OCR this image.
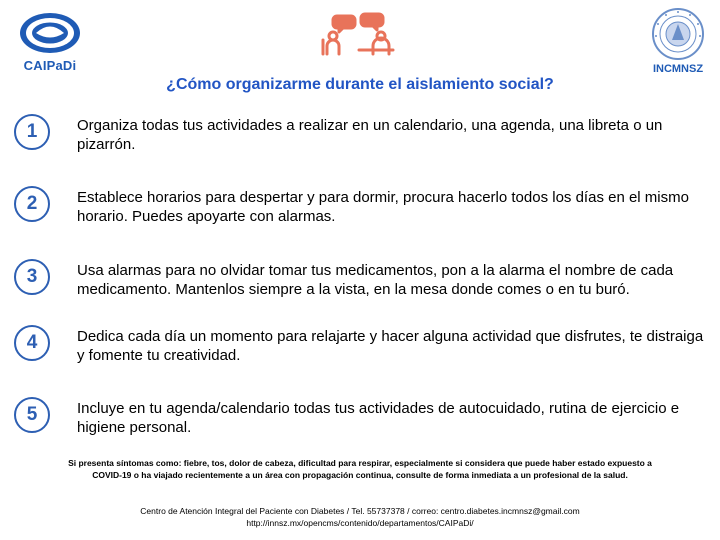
CAIPaDi	INCMNSZ
¿Cómo organizarme durante el aislamiento social?
1	Organiza todas tus actividades a realizar en un calendario, una agenda, una libreta o un pizarrón.
2	Establece horarios para despertar y para dormir, procura hacerlo todos los días en el mismo horario. Puedes apoyarte con alarmas.
3	Usa alarmas para no olvidar tomar tus medicamentos, pon a la alarma el nombre de cada medicamento. Mantenlos siempre a la vista, en la mesa donde comes o en tu buró.
4	Dedica cada día un momento para relajarte y hacer alguna actividad que disfrutes, te distraiga y fomente tu creatividad.
5	Incluye en tu agenda/calendario todas tus actividades de autocuidado, rutina de ejercicio e higiene personal.
Si presenta síntomas como: fiebre, tos, dolor de cabeza, dificultad para respirar, especialmente si considera que puede haber estado expuesto a
COVID-19 o ha viajado recientemente a un área con propagación continua, consulte de forma inmediata a un profesional de la salud.
Centro de Atención Integral del Paciente con Diabetes / Tel. 55737378 / correo: centro.diabetes.incmnsz@gmail.com
http://innsz.mx/opencms/contenido/departamentos/CAIPaDi/
